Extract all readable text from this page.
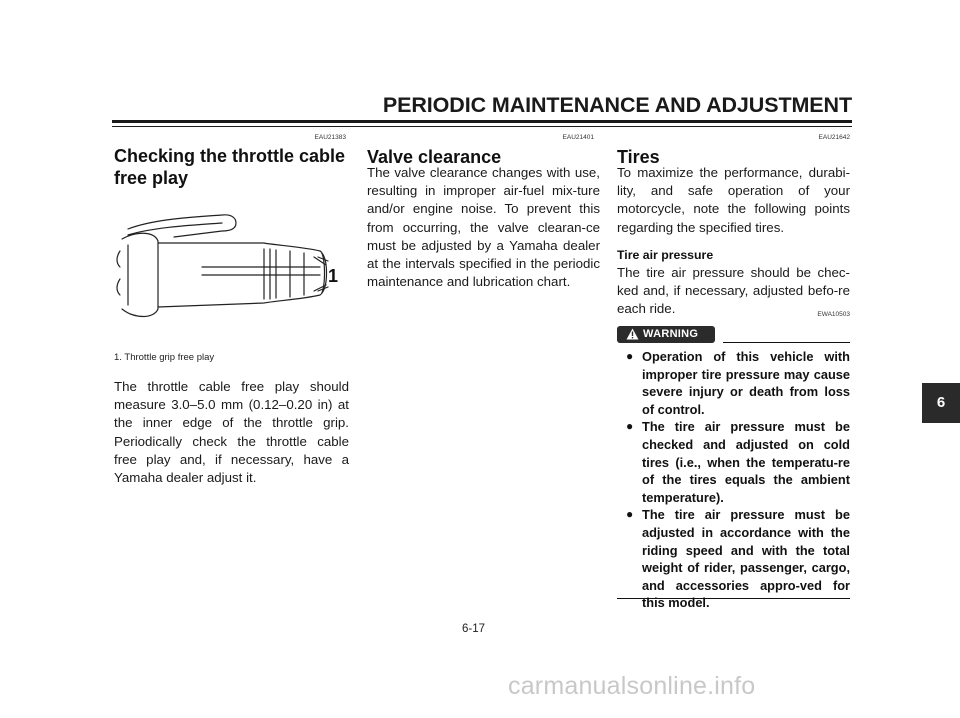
PERIODIC MAINTENANCE AND ADJUSTMENT
EAU21383
Checking the throttle cable
free play
1
1. Throttle grip free play
The throttle cable free play should measure 3.0–5.0 mm (0.12–0.20 in) at the inner edge of the throttle grip. Periodically check the throttle cable free play and, if necessary, have a Yamaha dealer adjust it.
EAU21401
Valve clearance
The valve clearance changes with use, resulting in improper air-fuel mix-ture and/or engine noise. To prevent this from occurring, the valve clearan-ce must be adjusted by a Yamaha dealer at the intervals specified in the periodic maintenance and lubrication chart.
EAU21642
Tires
To maximize the performance, durabi-lity, and safe operation of your motorcycle, note the following points regarding the specified tires.
Tire air pressure
The tire air pressure should be chec-ked and, if necessary, adjusted befo-re each ride.	EWA10503
WARNING
● Operation of this vehicle with improper tire pressure may cause severe injury or death from loss of control.
● The tire air pressure must be checked and adjusted on cold tires (i.e., when the temperatu-re of the tires equals the ambient temperature).
● The tire air pressure must be adjusted in accordance with the riding speed and with the total weight of rider, passenger, cargo, and accessories appro-ved for this model.
6-17
6
carmanualsonline.info
